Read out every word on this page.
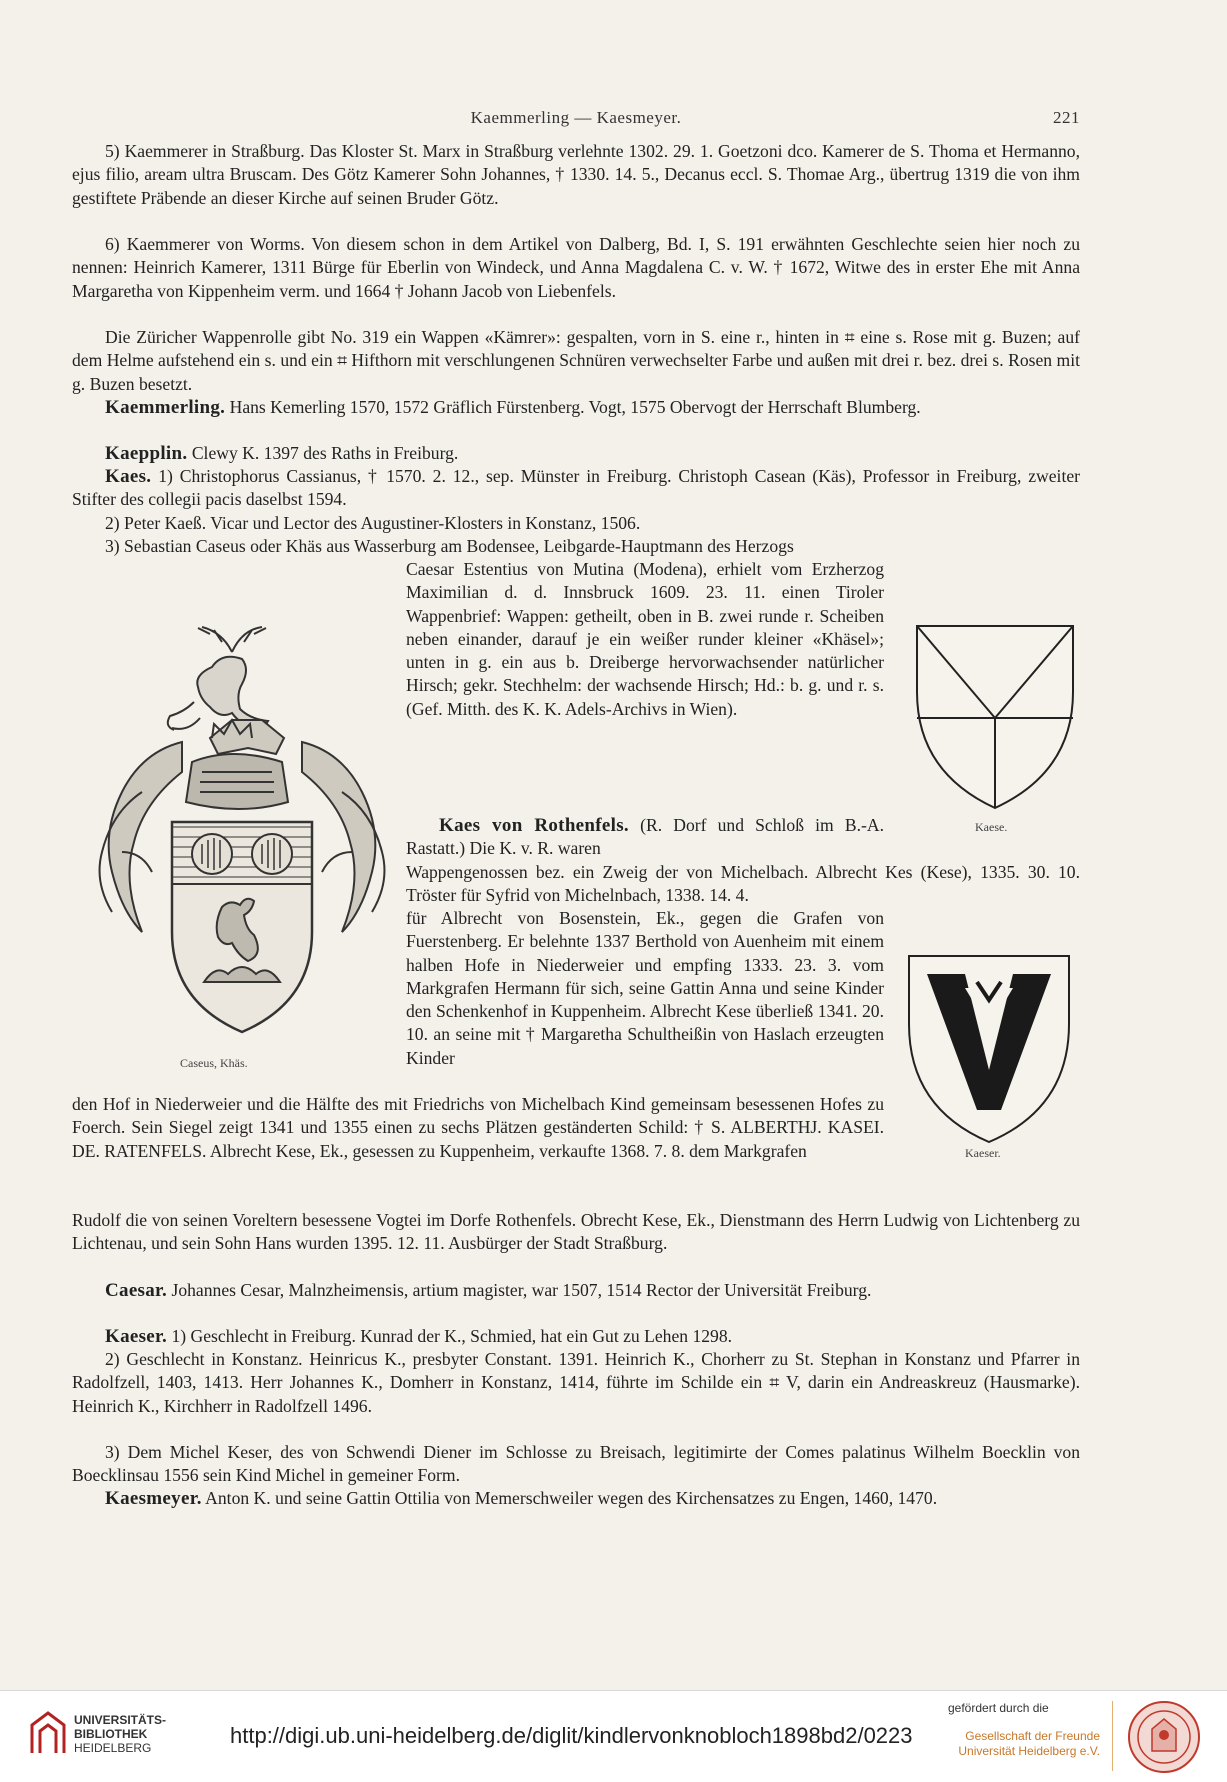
Kaemmerling — Kaesmeyer.	221

5) Kaemmerer in Straßburg. Das Kloster St. Marx in Straßburg verlehnte 1302. 29. 1. Goetzoni dco. Kamerer de S. Thoma et Hermanno, ejus filio, aream ultra Bruscam. Des Götz Kamerer Sohn Johannes, † 1330. 14. 5., Decanus eccl. S. Thomae Arg., übertrug 1319 die von ihm gestiftete Präbende an dieser Kirche auf seinen Bruder Götz.

6) Kaemmerer von Worms. Von diesem schon in dem Artikel von Dalberg, Bd. I, S. 191 erwähnten Geschlechte seien hier noch zu nennen: Heinrich Kamerer, 1311 Bürge für Eberlin von Windeck, und Anna Magdalena C. v. W. † 1672, Witwe des in erster Ehe mit Anna Margaretha von Kippenheim verm. und 1664 † Johann Jacob von Liebenfels.

Die Züricher Wappenrolle gibt No. 319 ein Wappen «Kämrer»: gespalten, vorn in S. eine r., hinten in ⌗ eine s. Rose mit g. Buzen; auf dem Helme aufstehend ein s. und ein ⌗ Hifthorn mit verschlungenen Schnüren verwechselter Farbe und außen mit drei r. bez. drei s. Rosen mit g. Buzen besetzt.

Kaemmerling. Hans Kemerling 1570, 1572 Gräflich Fürstenberg. Vogt, 1575 Obervogt der Herrschaft Blumberg.

Kaepplin. Clewy K. 1397 des Raths in Freiburg.

Kaes. 1) Christophorus Cassianus, † 1570. 2. 12., sep. Münster in Freiburg. Christoph Casean (Käs), Professor in Freiburg, zweiter Stifter des collegii pacis daselbst 1594.

2) Peter Kaeß. Vicar und Lector des Augustiner-Klosters in Konstanz, 1506.

3) Sebastian Caseus oder Khäs aus Wasserburg am Bodensee, Leibgarde-Hauptmann des Herzogs

Caesar Estentius von Mutina (Modena), erhielt vom Erzherzog Maximilian d. d. Innsbruck 1609. 23. 11. einen Tiroler Wappenbrief: Wappen: getheilt, oben in B. zwei runde r. Scheiben neben einander, darauf je ein weißer runder kleiner «Khäsel»; unten in g. ein aus b. Dreiberge hervorwachsender natürlicher Hirsch; gekr. Stechhelm: der wachsende Hirsch; Hd.: b. g. und r. s. (Gef. Mitth. des K. K. Adels-Archivs in Wien).

Kaes von Rothenfels. (R. Dorf und Schloß im B.-A. Rastatt.) Die K. v. R. waren

Wappengenossen bez. ein Zweig der von Michelbach. Albrecht Kes (Kese), 1335. 30. 10. Tröster für Syfrid von Michelnbach, 1338. 14. 4.

für Albrecht von Bosenstein, Ek., gegen die Grafen von Fuerstenberg. Er belehnte 1337 Berthold von Auenheim mit einem halben Hofe in Niederweier und empfing 1333. 23. 3. vom Markgrafen Hermann für sich, seine Gattin Anna und seine Kinder den Schenkenhof in Kuppenheim. Albrecht Kese überließ 1341. 20. 10. an seine mit † Margaretha Schultheißin von Haslach erzeugten Kinder

den Hof in Niederweier und die Hälfte des mit Friedrichs von Michelbach Kind gemeinsam besessenen Hofes zu Foerch. Sein Siegel zeigt 1341 und 1355 einen zu sechs Plätzen geständerten Schild: † S. ALBERTHJ. KASEI. DE. RATENFELS. Albrecht Kese, Ek., gesessen zu Kuppenheim, verkaufte 1368. 7. 8. dem Markgrafen

Rudolf die von seinen Voreltern besessene Vogtei im Dorfe Rothenfels. Obrecht Kese, Ek., Dienstmann des Herrn Ludwig von Lichtenberg zu Lichtenau, und sein Sohn Hans wurden 1395. 12. 11. Ausbürger der Stadt Straßburg.

Caesar. Johannes Cesar, Malnzheimensis, artium magister, war 1507, 1514 Rector der Universität Freiburg.

Kaeser. 1) Geschlecht in Freiburg. Kunrad der K., Schmied, hat ein Gut zu Lehen 1298.

2) Geschlecht in Konstanz. Heinricus K., presbyter Constant. 1391. Heinrich K., Chorherr zu St. Stephan in Konstanz und Pfarrer in Radolfzell, 1403, 1413. Herr Johannes K., Domherr in Konstanz, 1414, führte im Schilde ein ⌗ V, darin ein Andreaskreuz (Hausmarke). Heinrich K., Kirchherr in Radolfzell 1496.

3) Dem Michel Keser, des von Schwendi Diener im Schlosse zu Breisach, legitimirte der Comes palatinus Wilhelm Boecklin von Boecklinsau 1556 sein Kind Michel in gemeiner Form.

Kaesmeyer. Anton K. und seine Gattin Ottilia von Memerschweiler wegen des Kirchensatzes zu Engen, 1460, 1470.

Caseus, Khäs.
Kaese.
Kaeser.
UNIVERSITÄTS-
BIBLIOTHEK
HEIDELBERG	http://digi.ub.uni-heidelberg.de/diglit/kindlervonknobloch1898bd2/0223
gefördert durch die
Gesellschaft der Freunde
Universität Heidelberg e.V.
